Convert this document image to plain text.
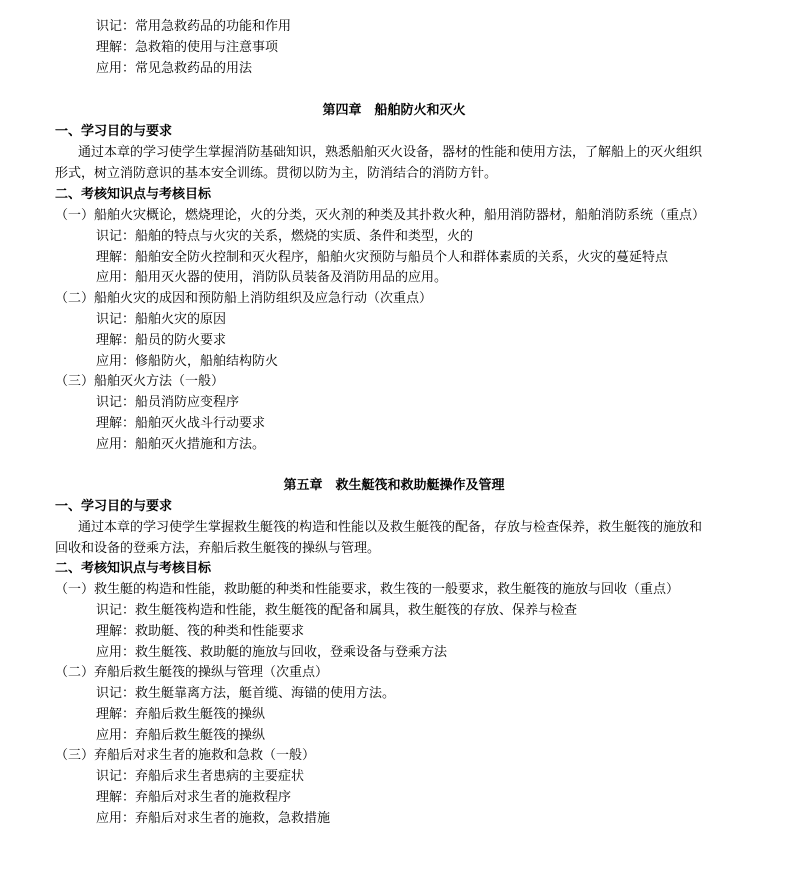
识记：常用急救药品的功能和作用
理解：急救箱的使用与注意事项
应用：常见急救药品的用法
第四章　船舶防火和灭火
一、学习目的与要求
通过本章的学习使学生掌握消防基础知识，熟悉船舶灭火设备，器材的性能和使用方法，了解船上的灭火组织
形式，树立消防意识的基本安全训练。贯彻以防为主，防消结合的消防方针。
二、考核知识点与考核目标
（一）船舶火灾概论，燃烧理论，火的分类，灭火剂的种类及其扑救火种，船用消防器材，船舶消防系统（重点）
识记：船舶的特点与火灾的关系，燃烧的实质、条件和类型，火的
理解：船舶安全防火控制和灭火程序，船舶火灾预防与船员个人和群体素质的关系，火灾的蔓延特点
应用：船用灭火器的使用，消防队员装备及消防用品的应用。
（二）船舶火灾的成因和预防船上消防组织及应急行动（次重点）
识记：船舶火灾的原因
理解：船员的防火要求
应用：修船防火，船舶结构防火
（三）船舶灭火方法（一般）
识记：船员消防应变程序
理解：船舶灭火战斗行动要求
应用：船舶灭火措施和方法。
第五章　救生艇筏和救助艇操作及管理
一、学习目的与要求
通过本章的学习使学生掌握救生艇筏的构造和性能以及救生艇筏的配备，存放与检查保养，救生艇筏的施放和
回收和设备的登乘方法，弃船后救生艇筏的操纵与管理。
二、考核知识点与考核目标
（一）救生艇的构造和性能，救助艇的种类和性能要求，救生筏的一般要求，救生艇筏的施放与回收（重点）
识记：救生艇筏构造和性能，救生艇筏的配备和属具，救生艇筏的存放、保养与检查
理解：救助艇、筏的种类和性能要求
应用：救生艇筏、救助艇的施放与回收，登乘设备与登乘方法
（二）弃船后救生艇筏的操纵与管理（次重点）
识记：救生艇靠离方法，艇首缆、海锚的使用方法。
理解：弃船后救生艇筏的操纵
应用：弃船后救生艇筏的操纵
（三）弃船后对求生者的施救和急救（一般）
识记：弃船后求生者患病的主要症状
理解：弃船后对求生者的施救程序
应用：弃船后对求生者的施救，急救措施
